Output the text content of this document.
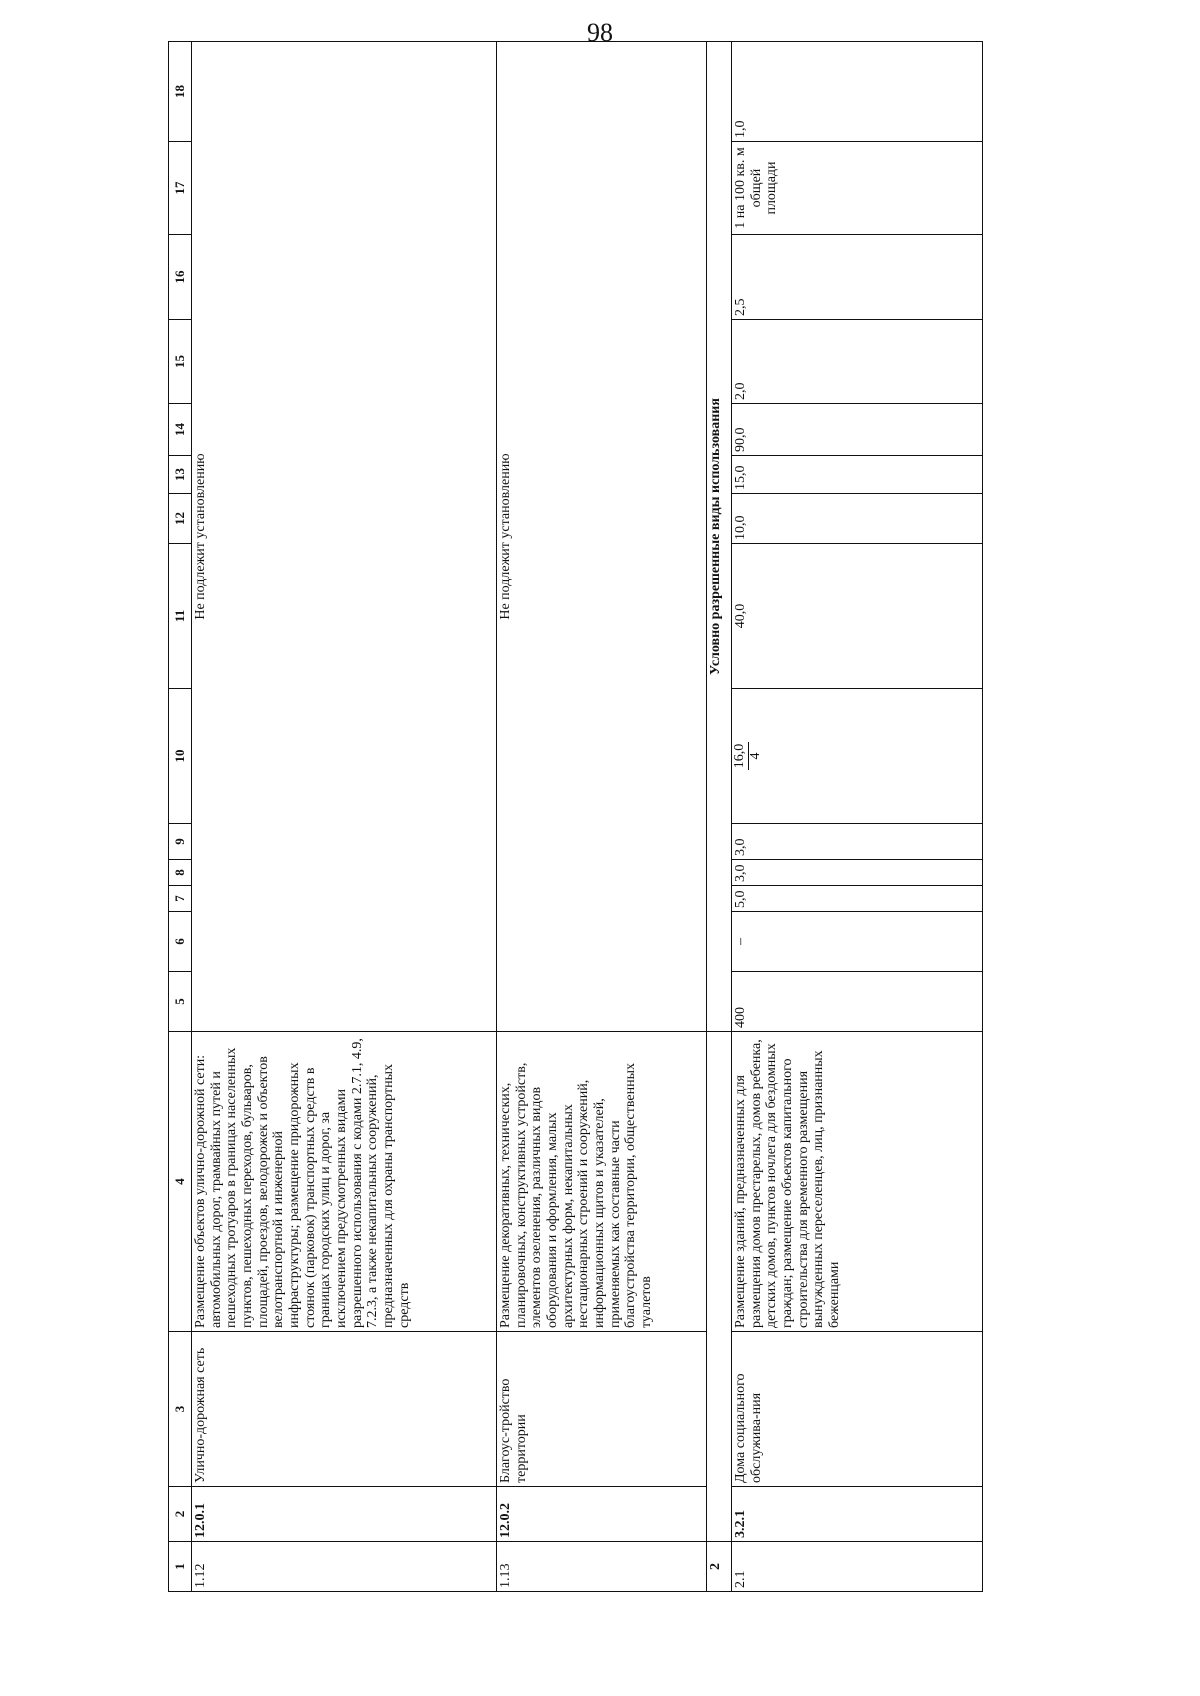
98
1	2	3	4	5	6	7	8	9	10	11	12	13	14	15	16	17	18
1.12	12.0.1	Улично-дорожная сеть	Размещение объектов улично-дорожной сети: автомобильных дорог, трамвайных путей и пешеходных тротуаров в границах населенных пунктов, пешеходных переходов, бульваров, площадей, проездов, велодорожек и объектов велотранспортной и инженерной инфраструктуры; размещение придорожных стоянок (парковок) транспортных средств в границах городских улиц и дорог, за исключением предусмотренных видами разрешенного использования с кодами 2.7.1, 4.9, 7.2.3, а также некапитальных сооружений, предназначенных для охраны транспортных средств	Не подлежит установлению													
1.13	12.0.2	Благоус-тройство территории	Размещение декоративных, технических, планировочных, конструктивных устройств, элементов озеленения, различных видов оборудования и оформления, малых архитектурных форм, некапитальных нестационарных строений и сооружений, информационных щитов и указателей, применяемых как составные части благоустройства территории, общественных туалетов	Не подлежит установлению													
2				Условно разрешенные виды использования													
2.1	3.2.1	Дома социального обслужива-ния	Размещение зданий, предназначенных для размещения домов престарелых, домов ребенка, детских домов, пунктов ночлега для бездомных граждан; размещение объектов капитального строительства для временного размещения вынужденных переселенцев, лиц, признанных беженцами	400	–	5,0	3,0	3,0	16,0 4	40,0	10,0	15,0	90,0	2,0	2,5	1 на 100 кв. м общей площади	1,0
